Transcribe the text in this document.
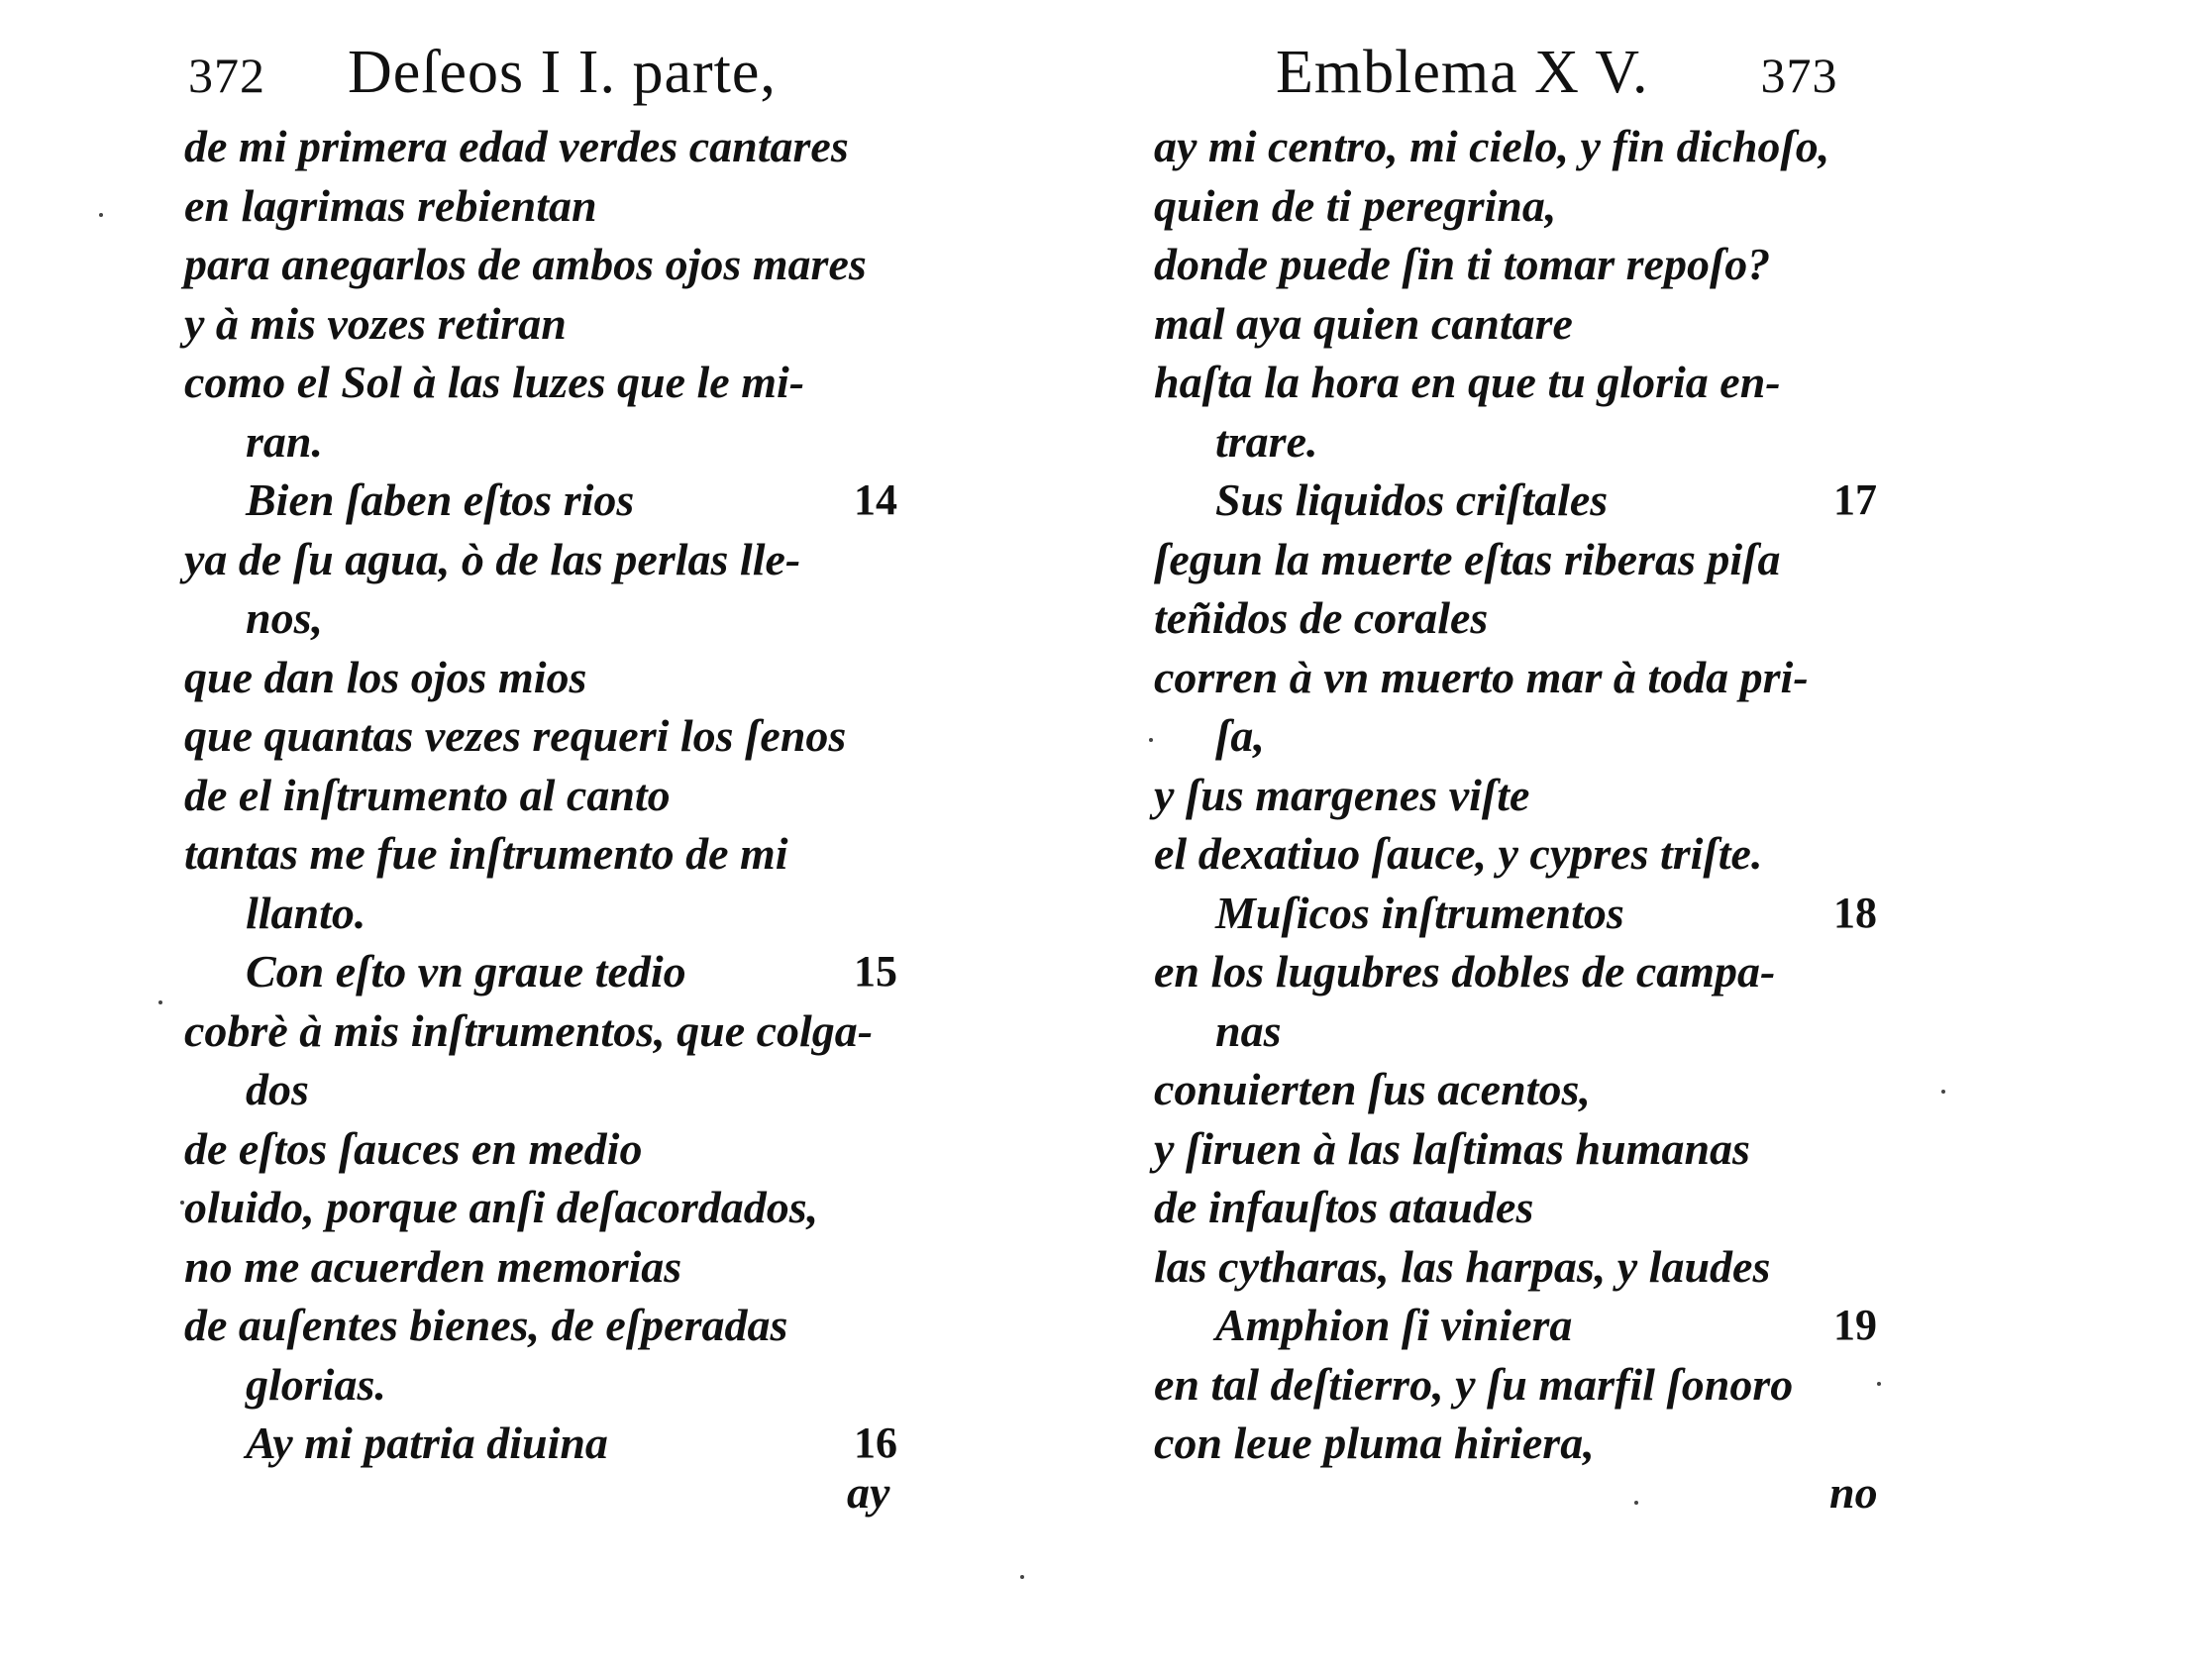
372 Deſeos I I. parte,
de mi primera edad verdes cantares
en lagrimas rebientan
para anegarlos de ambos ojos mares
y à mis vozes retiran
como el Sol à las luzes que le mi-
ran.
Bien ſaben eſtos rios	14
ya de ſu agua, ò de las perlas lle-
nos,
que dan los ojos mios
que quantas vezes requeri los ſenos
de el inſtrumento al canto
tantas me fue inſtrumento de mi
llanto.
Con eſto vn graue tedio	15
cobrè à mis inſtrumentos, que colga-
dos
de eſtos ſauces en medio
oluido, porque anſi deſacordados,
no me acuerden memorias
de auſentes bienes, de eſperadas
glorias.
Ay mi patria diuina	16
ay
Emblema X V. 373
ay mi centro, mi cielo, y fin dichoſo,
quien de ti peregrina,
donde puede ſin ti tomar repoſo?
mal aya quien cantare
haſta la hora en que tu gloria en-
trare.
Sus liquidos criſtales	17
ſegun la muerte eſtas riberas piſa
teñidos de corales
corren à vn muerto mar à toda pri-
ſa,
y ſus margenes viſte
el dexatiuo ſauce, y cypres triſte.
Muſicos inſtrumentos	18
en los lugubres dobles de campa-
nas
conuierten ſus acentos,
y ſiruen à las laſtimas humanas
de infauſtos ataudes
las cytharas, las harpas, y laudes
Amphion ſi viniera	19
en tal deſtierro, y ſu marfil ſonoro
con leue pluma hiriera,
no
